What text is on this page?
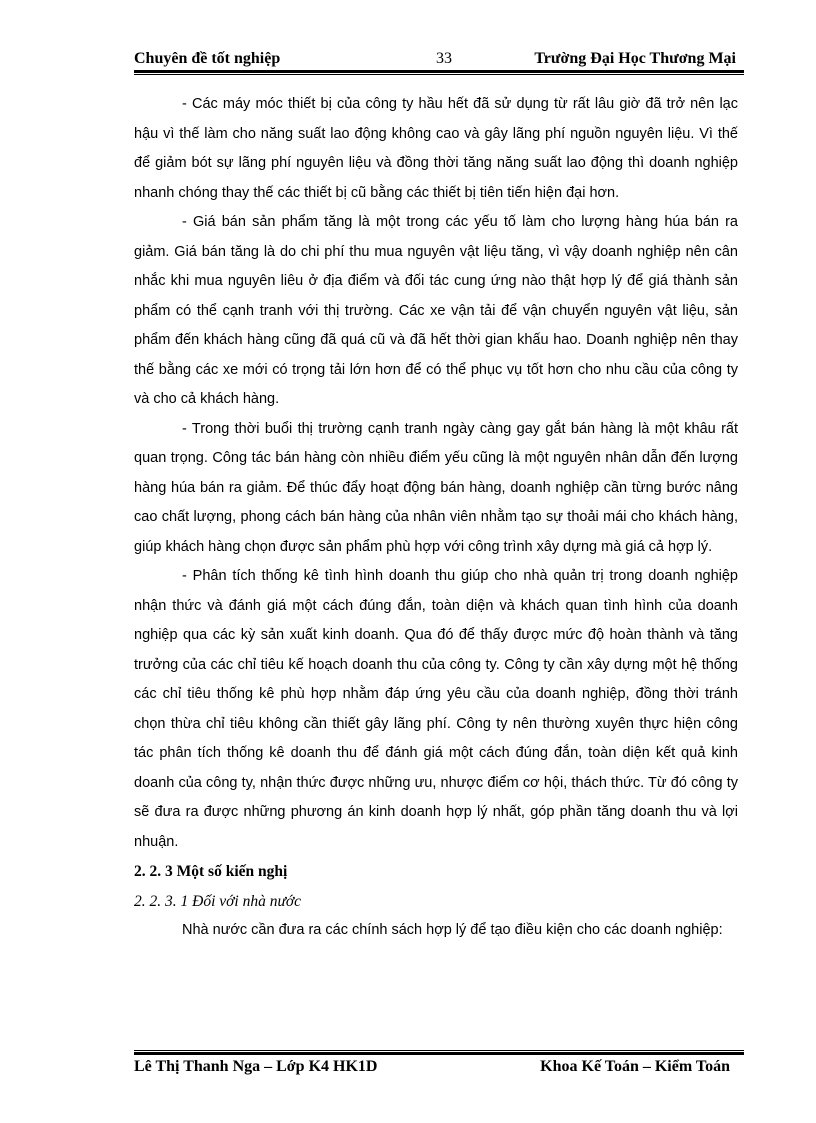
Chuyên đề tốt nghiệp	33	Trường Đại Học Thương Mại

- Các máy móc thiết bị của công ty hầu hết đã sử dụng từ rất lâu giờ đã trở nên lạc hậu vì thế làm cho năng suất lao động không cao và gây lãng phí nguồn nguyên liệu. Vì thế để giảm bót sự lãng phí nguyên liệu và đồng thời tăng năng suất lao động thì doanh nghiệp nhanh chóng thay thế các thiết bị cũ bằng các thiết bị tiên tiến hiện đại hơn.

- Giá bán sản phẩm tăng là một trong các yếu tố làm cho lượng hàng húa bán ra giảm. Giá bán tăng là do chi phí thu mua nguyên vật liệu tăng, vì vậy doanh nghiệp nên cân nhắc khi mua nguyên liêu ở địa điểm và đối tác cung ứng nào thật hợp lý để giá thành sản phẩm có thể cạnh tranh với thị trường. Các xe vận tải để vận chuyển nguyên vật liệu, sản phẩm đến khách hàng cũng đã quá cũ và đã hết thời gian khấu hao. Doanh nghiệp nên thay thế bằng các xe mới có trọng tải lớn hơn để có thể phục vụ tốt hơn cho nhu cầu của công ty và cho cả khách hàng.

- Trong thời buổi thị trường cạnh tranh ngày càng gay gắt bán hàng là một khâu rất quan trọng. Công tác bán hàng còn nhiều điểm yếu cũng là một nguyên nhân dẫn đến lượng hàng húa bán ra giảm. Để thúc đẩy hoạt động bán hàng, doanh nghiệp cần từng bước nâng cao chất lượng, phong cách bán hàng của nhân viên nhằm tạo sự thoải mái cho khách hàng, giúp khách hàng chọn được sản phẩm phù hợp với công trình xây dựng mà giá cả hợp lý.

- Phân tích thống kê tình hình doanh thu giúp cho nhà quản trị trong doanh nghiệp nhận thức và đánh giá một cách đúng đắn, toàn diện và khách quan tình hình của doanh nghiệp qua các kỳ sản xuất kinh doanh. Qua đó để thấy được mức độ hoàn thành và tăng trưởng của các chỉ tiêu kế hoạch doanh thu của công ty. Công ty cần xây dựng một hệ thống các chỉ tiêu thống kê phù hợp nhằm đáp ứng yêu cầu của doanh nghiệp, đồng thời tránh chọn thừa chỉ tiêu không cần thiết gây lãng phí. Công ty nên thường xuyên thực hiện công tác phân tích thống kê doanh thu để đánh giá một cách đúng đắn, toàn diện kết quả kinh doanh của công ty, nhận thức được những ưu, nhược điểm cơ hội, thách thức. Từ đó công ty sẽ đưa ra được những phương án kinh doanh hợp lý nhất, góp phần tăng doanh thu và lợi nhuận.

2. 2. 3 Một số kiến nghị

2. 2. 3. 1 Đối với nhà nước

Nhà nước cần đưa ra các chính sách hợp lý để tạo điều kiện cho các doanh nghiệp:

Lê Thị Thanh Nga – Lớp K4 HK1D	Khoa Kế Toán – Kiểm Toán
